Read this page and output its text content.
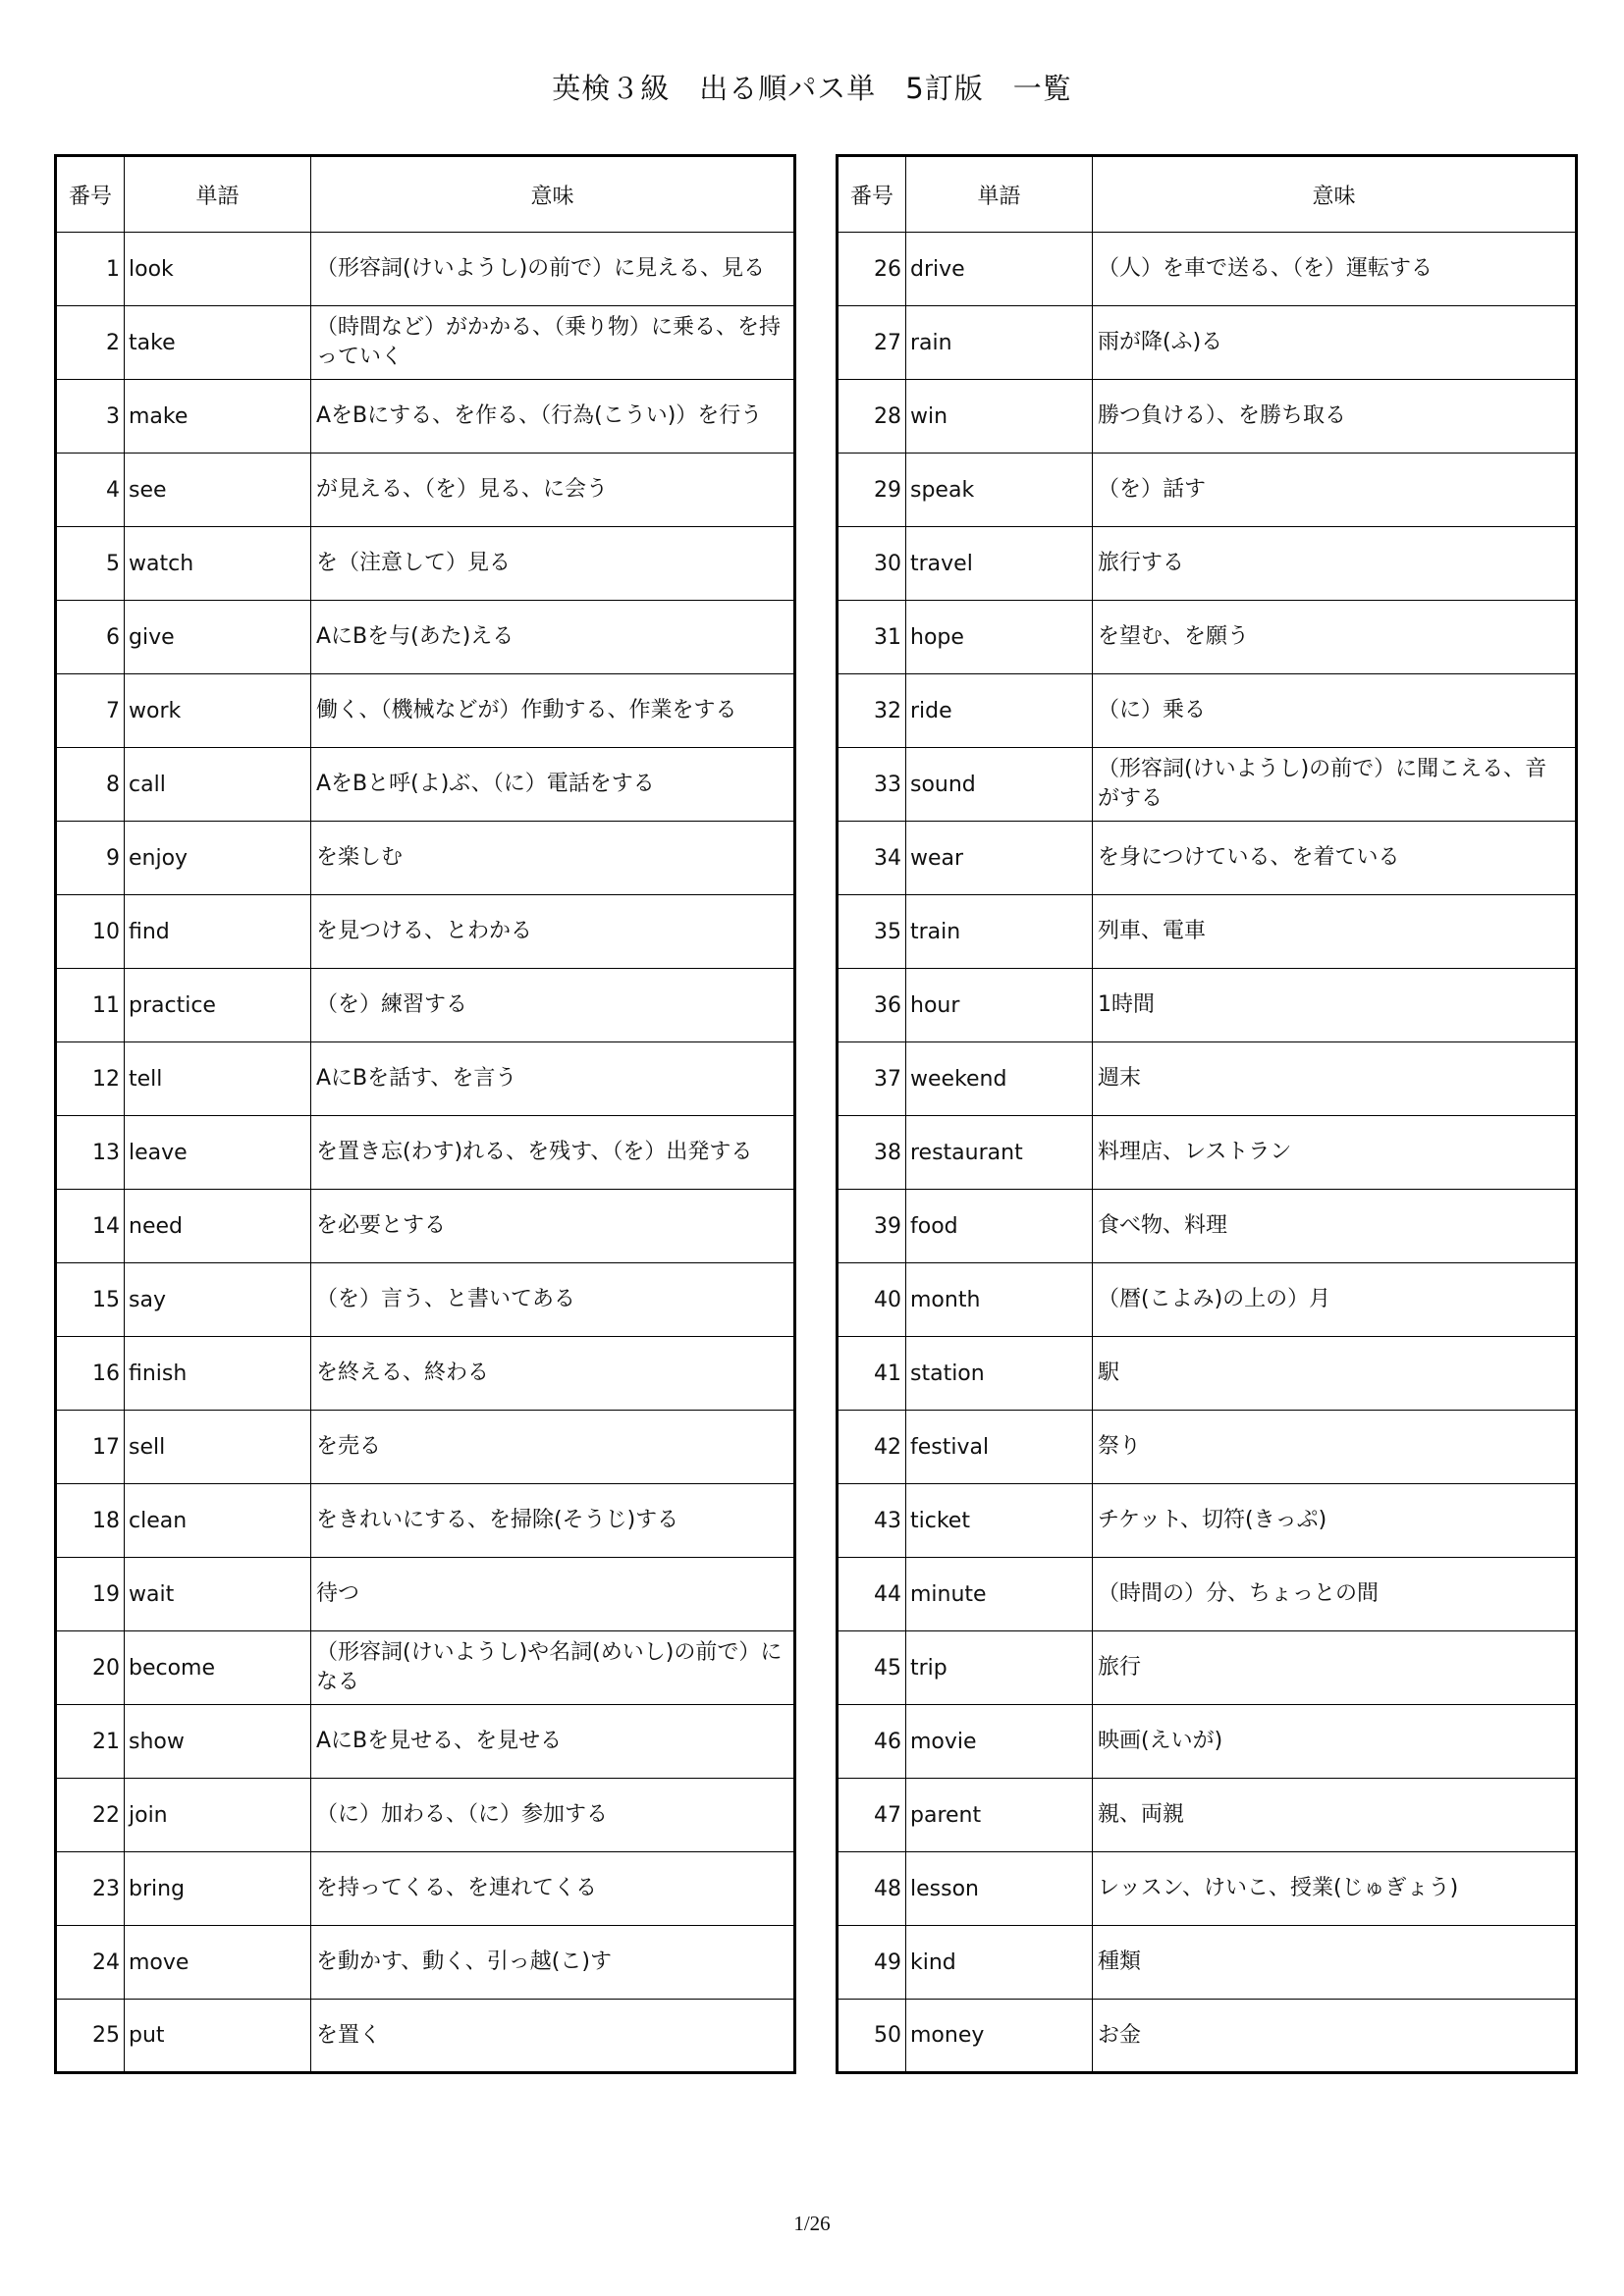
英検３級　出る順パス単　5訂版　一覧
番号	単語	意味
1	look	（形容詞(けいようし)の前で）に見える、見る
2	take	（時間など）がかかる、（乗り物）に乗る、を持っていく
3	make	AをBにする、を作る、（行為(こうい)）を行う
4	see	が見える、（を）見る、に会う
5	watch	を（注意して）見る
6	give	AにBを与(あた)える
7	work	働く、（機械などが）作動する、作業をする
8	call	AをBと呼(よ)ぶ、（に）電話をする
9	enjoy	を楽しむ
10	find	を見つける、とわかる
11	practice	（を）練習する
12	tell	AにBを話す、を言う
13	leave	を置き忘(わす)れる、を残す、（を）出発する
14	need	を必要とする
15	say	（を）言う、と書いてある
16	finish	を終える、終わる
17	sell	を売る
18	clean	をきれいにする、を掃除(そうじ)する
19	wait	待つ
20	become	（形容詞(けいようし)や名詞(めいし)の前で）になる
21	show	AにBを見せる、を見せる
22	join	（に）加わる、（に）参加する
23	bring	を持ってくる、を連れてくる
24	move	を動かす、動く、引っ越(こ)す
25	put	を置く
番号	単語	意味
26	drive	（人）を車で送る、（を）運転する
27	rain	雨が降(ふ)る
28	win	勝つ負ける）、を勝ち取る
29	speak	（を）話す
30	travel	旅行する
31	hope	を望む、を願う
32	ride	（に）乗る
33	sound	（形容詞(けいようし)の前で）に聞こえる、音がする
34	wear	を身につけている、を着ている
35	train	列車、電車
36	hour	1時間
37	weekend	週末
38	restaurant	料理店、レストラン
39	food	食べ物、料理
40	month	（暦(こよみ)の上の）月
41	station	駅
42	festival	祭り
43	ticket	チケット、切符(きっぷ)
44	minute	（時間の）分、ちょっとの間
45	trip	旅行
46	movie	映画(えいが)
47	parent	親、両親
48	lesson	レッスン、けいこ、授業(じゅぎょう)
49	kind	種類
50	money	お金
1/26
